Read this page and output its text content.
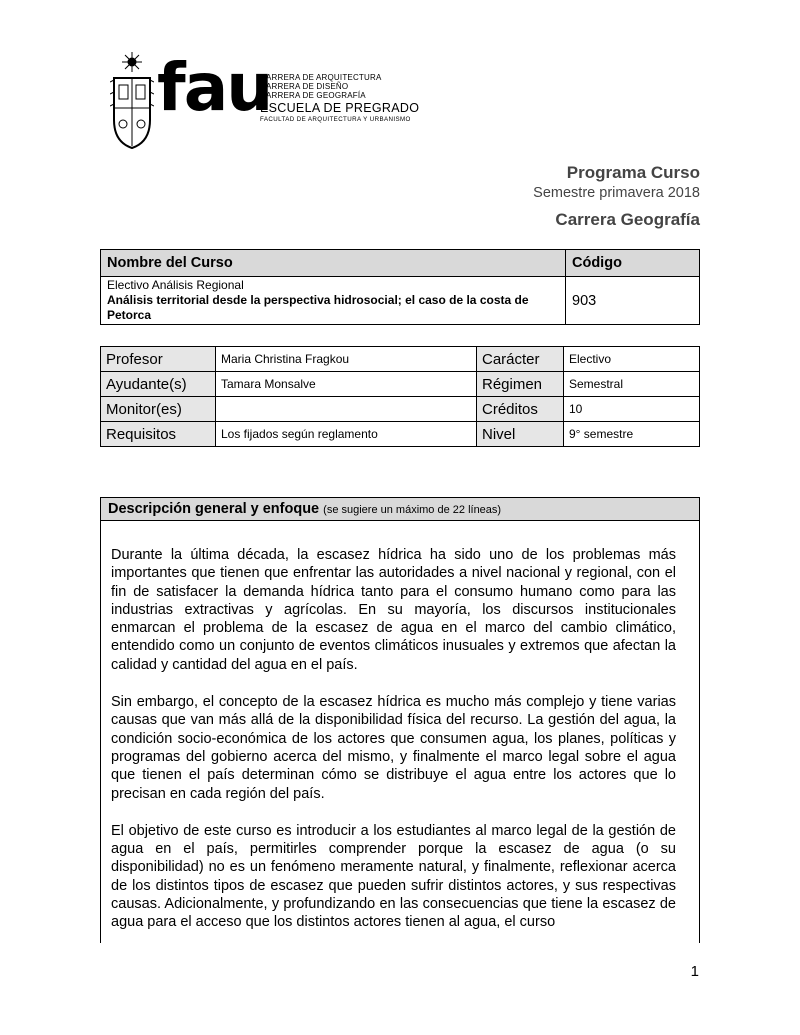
fau
CARRERA DE ARQUITECTURA
CARRERA DE DISEÑO
CARRERA DE GEOGRAFÍA
ESCUELA DE PREGRADO
FACULTAD DE ARQUITECTURA Y URBANISMO
Programa Curso
Semestre primavera 2018
Carrera Geografía
Nombre del Curso	Código

Electivo Análisis Regional
Análisis territorial desde la perspectiva hidrosocial; el caso de la costa de Petorca	903
Profesor	Maria Christina Fragkou	Carácter	Electivo
Ayudante(s)	Tamara Monsalve	Régimen	Semestral
Monitor(es)		Créditos	10
Requisitos	Los fijados según reglamento	Nivel	9° semestre
Descripción general y enfoque (se sugiere un máximo de 22 líneas)

Durante la última década, la escasez hídrica ha sido uno de los problemas más importantes que tienen que enfrentar las autoridades a nivel nacional y regional, con el fin de satisfacer la demanda hídrica tanto para el consumo humano como para las industrias extractivas y agrícolas. En su mayoría, los discursos institucionales enmarcan el problema de la escasez de agua en el marco del cambio climático, entendido como un conjunto de eventos climáticos inusuales y extremos que afectan la calidad y cantidad del agua en el país.

Sin embargo, el concepto de la escasez hídrica es mucho más complejo y tiene varias causas que van más allá de la disponibilidad física del recurso. La gestión del agua, la condición socio-económica de los actores que consumen agua, los planes, políticas y programas del gobierno acerca del mismo, y finalmente el marco legal sobre el agua que tienen el país determinan cómo se distribuye el agua entre los actores que lo precisan en cada región del país.

El objetivo de este curso es introducir a los estudiantes al marco legal de la gestión de agua en el país, permitirles comprender porque la escasez de agua (o su disponibilidad) no es un fenómeno meramente natural, y finalmente, reflexionar acerca de los distintos tipos de escasez que pueden sufrir distintos actores, y sus respectivas causas. Adicionalmente, y profundizando en las consecuencias que tiene la escasez de agua para el acceso que los distintos actores tienen al agua, el curso

1
